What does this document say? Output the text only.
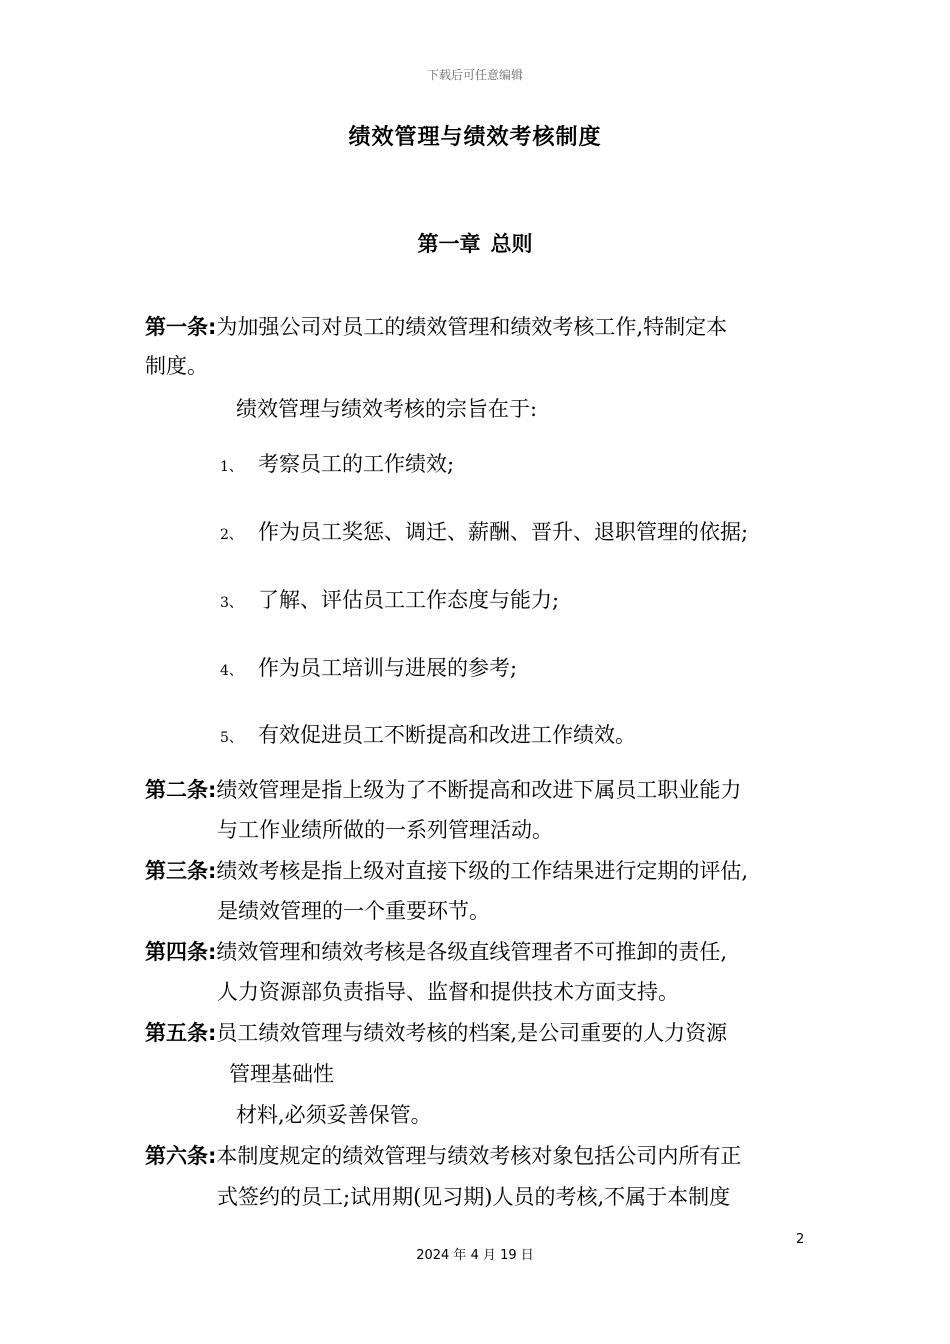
下载后可任意编辑
绩效管理与绩效考核制度
第一章 总则
第一条:为加强公司对员工的绩效管理和绩效考核工作,特制定本
制度。
绩效管理与绩效考核的宗旨在于:
1、 考察员工的工作绩效;
2、 作为员工奖惩、调迁、薪酬、晋升、退职管理的依据;
3、 了解、评估员工工作态度与能力;
4、 作为员工培训与进展的参考;
5、 有效促进员工不断提高和改进工作绩效。
第二条:绩效管理是指上级为了不断提高和改进下属员工职业能力
与工作业绩所做的一系列管理活动。
第三条:绩效考核是指上级对直接下级的工作结果进行定期的评估,
是绩效管理的一个重要环节。
第四条:绩效管理和绩效考核是各级直线管理者不可推卸的责任,
人力资源部负责指导、监督和提供技术方面支持。
第五条:员工绩效管理与绩效考核的档案,是公司重要的人力资源
管理基础性
材料,必须妥善保管。
第六条:本制度规定的绩效管理与绩效考核对象包括公司内所有正
式签约的员工;试用期(见习期)人员的考核,不属于本制度
2
2024 年 4 月 19 日
